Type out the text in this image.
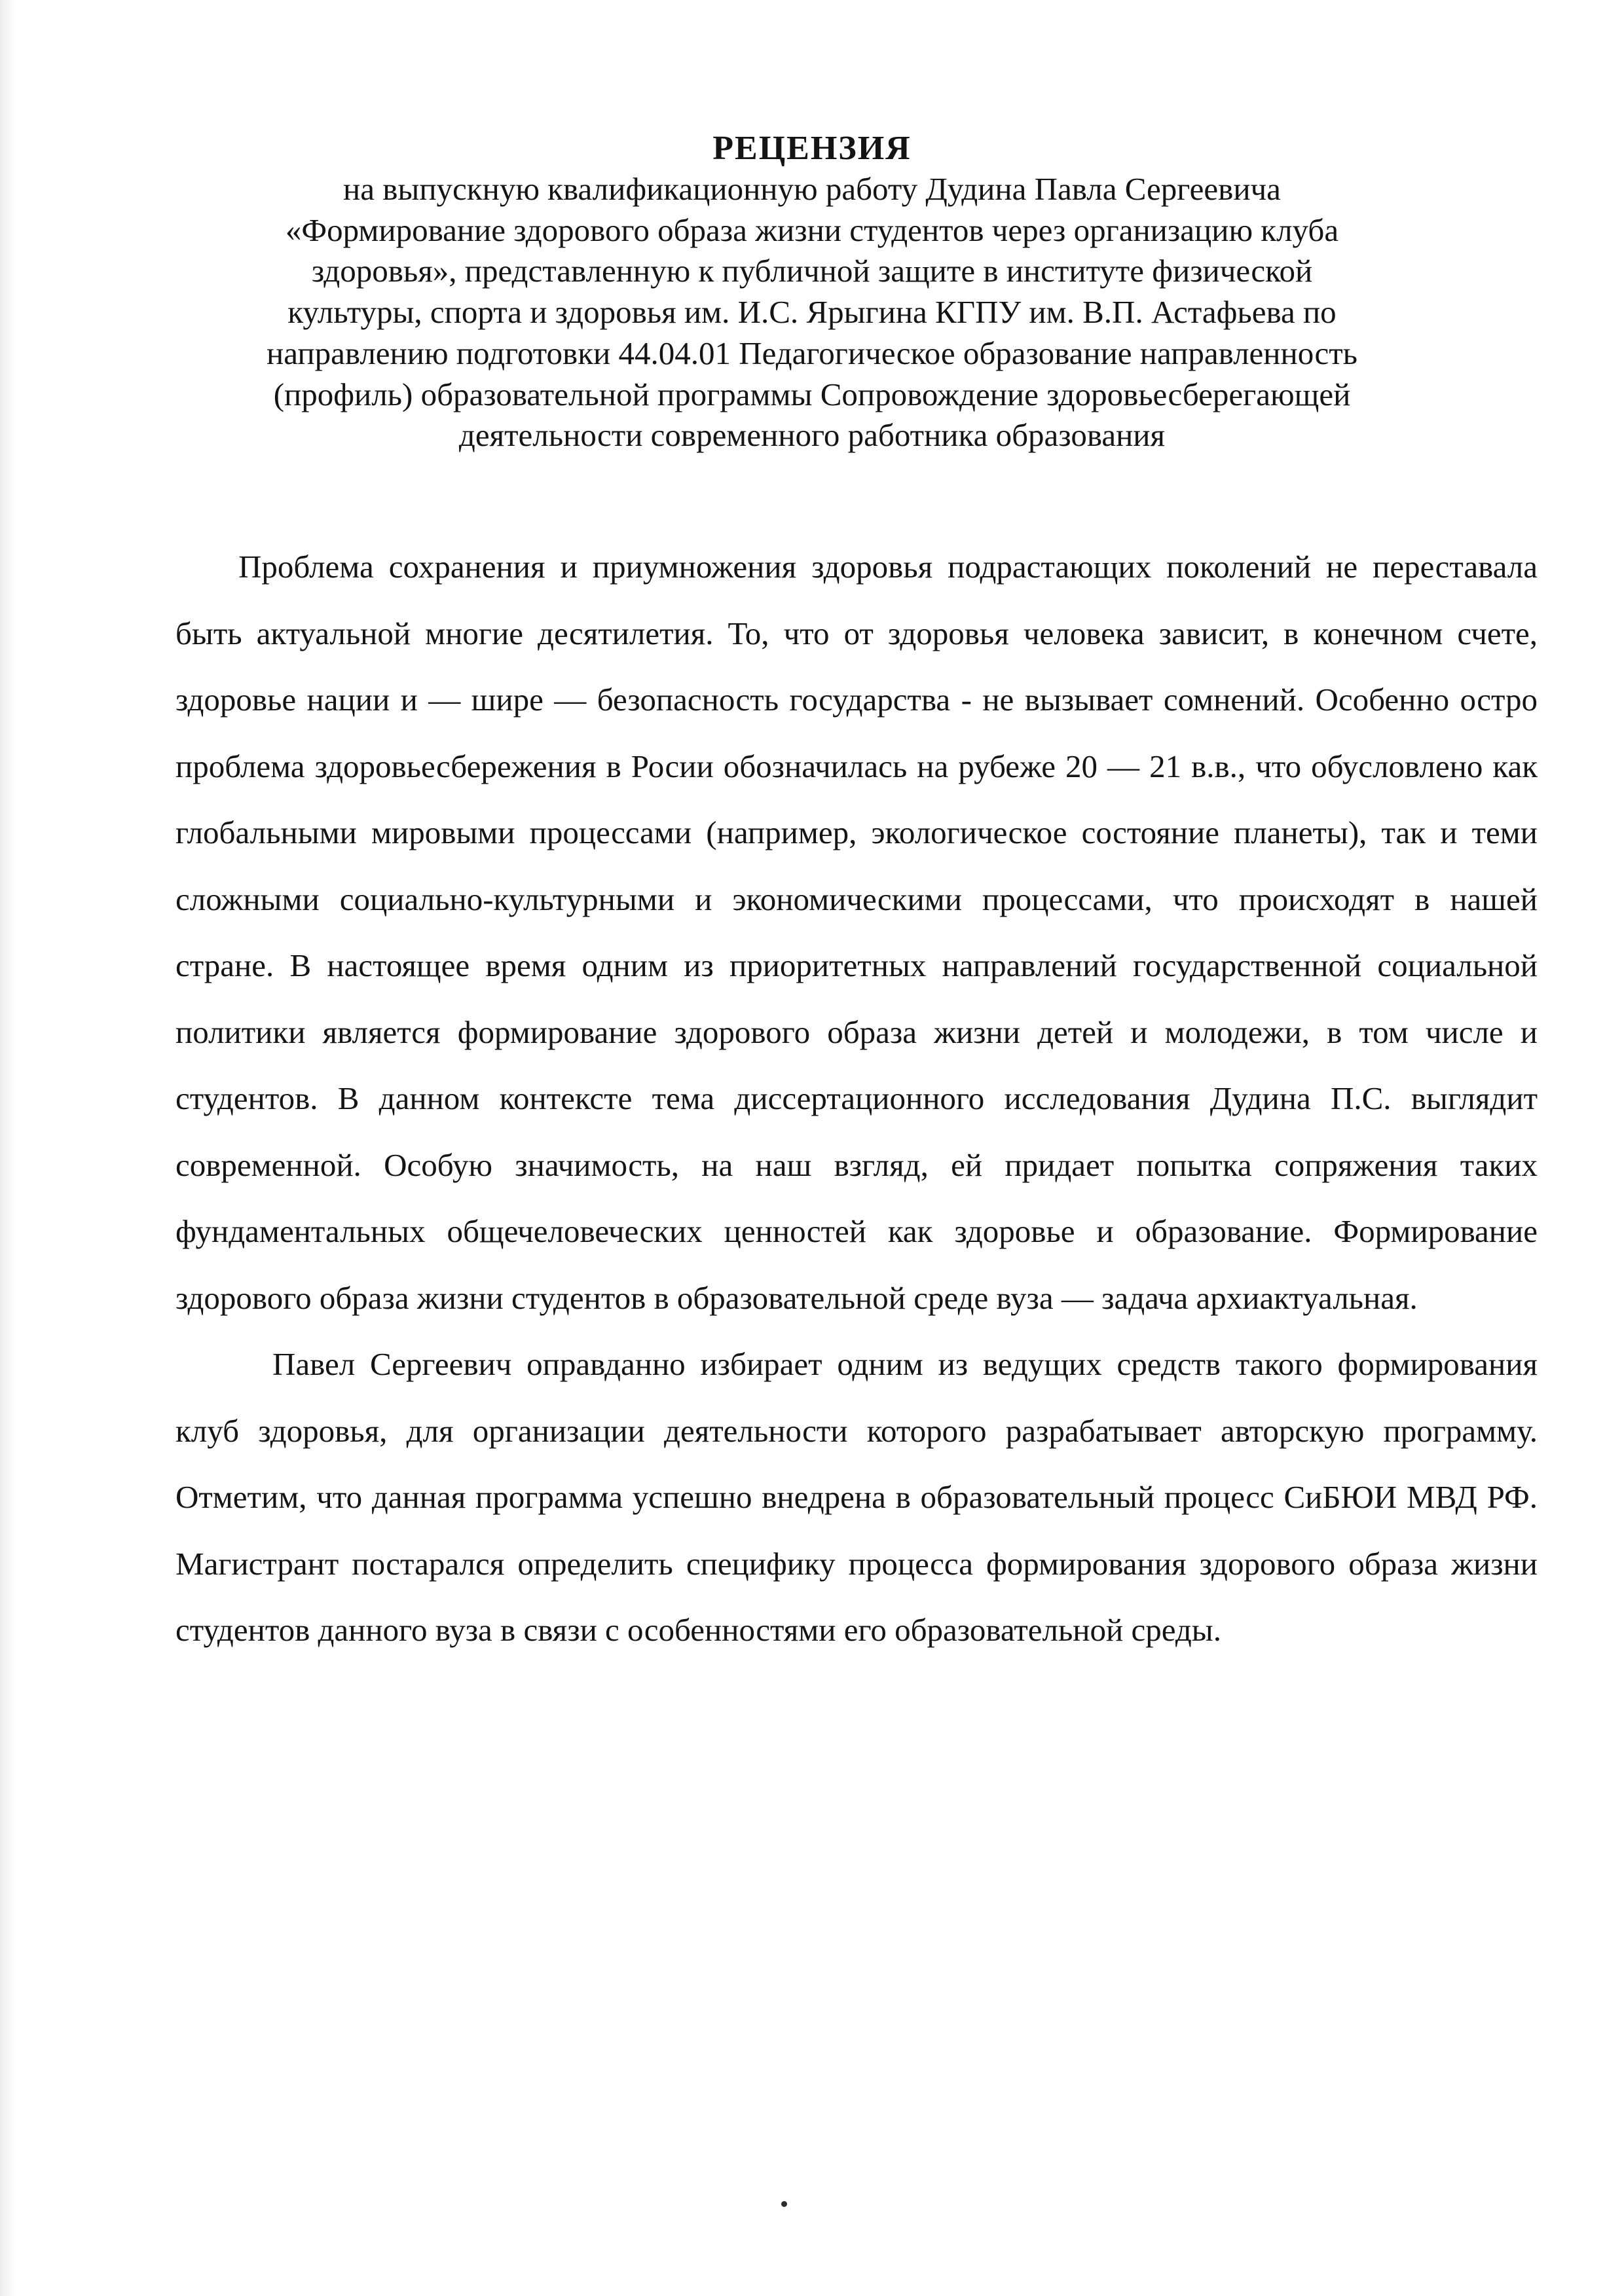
РЕЦЕНЗИЯ

на выпускную квалификационную работу Дудина Павла Сергеевича
«Формирование здорового образа жизни студентов через организацию клуба
здоровья», представленную к публичной защите в институте физической
культуры, спорта и здоровья им. И.С. Ярыгина КГПУ им. В.П. Астафьева по
направлению подготовки 44.04.01 Педагогическое образование направленность
(профиль) образовательной программы Сопровождение здоровьесберегающей
деятельности современного работника образования

Проблема сохранения и приумножения здоровья подрастающих поколений не переставала быть актуальной многие десятилетия. То, что от здоровья человека зависит, в конечном счете, здоровье нации и — шире — безопасность государства - не вызывает сомнений. Особенно остро проблема здоровьесбережения в Росии обозначилась на рубеже 20 — 21 в.в., что обусловлено как глобальными мировыми процессами (например, экологическое состояние планеты), так и теми сложными социально-культурными и экономическими процессами, что происходят в нашей стране. В настоящее время одним из приоритетных направлений государственной социальной политики является формирование здорового образа жизни детей и молодежи, в том числе и студентов. В данном контексте тема диссертационного исследования Дудина П.С. выглядит современной. Особую значимость, на наш взгляд, ей придает попытка сопряжения таких фундаментальных общечеловеческих ценностей как здоровье и образование. Формирование здорового образа жизни студентов в образовательной среде вуза — задача архиактуальная.

Павел Сергеевич оправданно избирает одним из ведущих средств такого формирования клуб здоровья, для организации деятельности которого разрабатывает авторскую программу. Отметим, что данная программа успешно внедрена в образовательный процесс СиБЮИ МВД РФ. Магистрант постарался определить специфику процесса формирования здорового образа жизни студентов данного вуза в связи с особенностями его образовательной среды.
